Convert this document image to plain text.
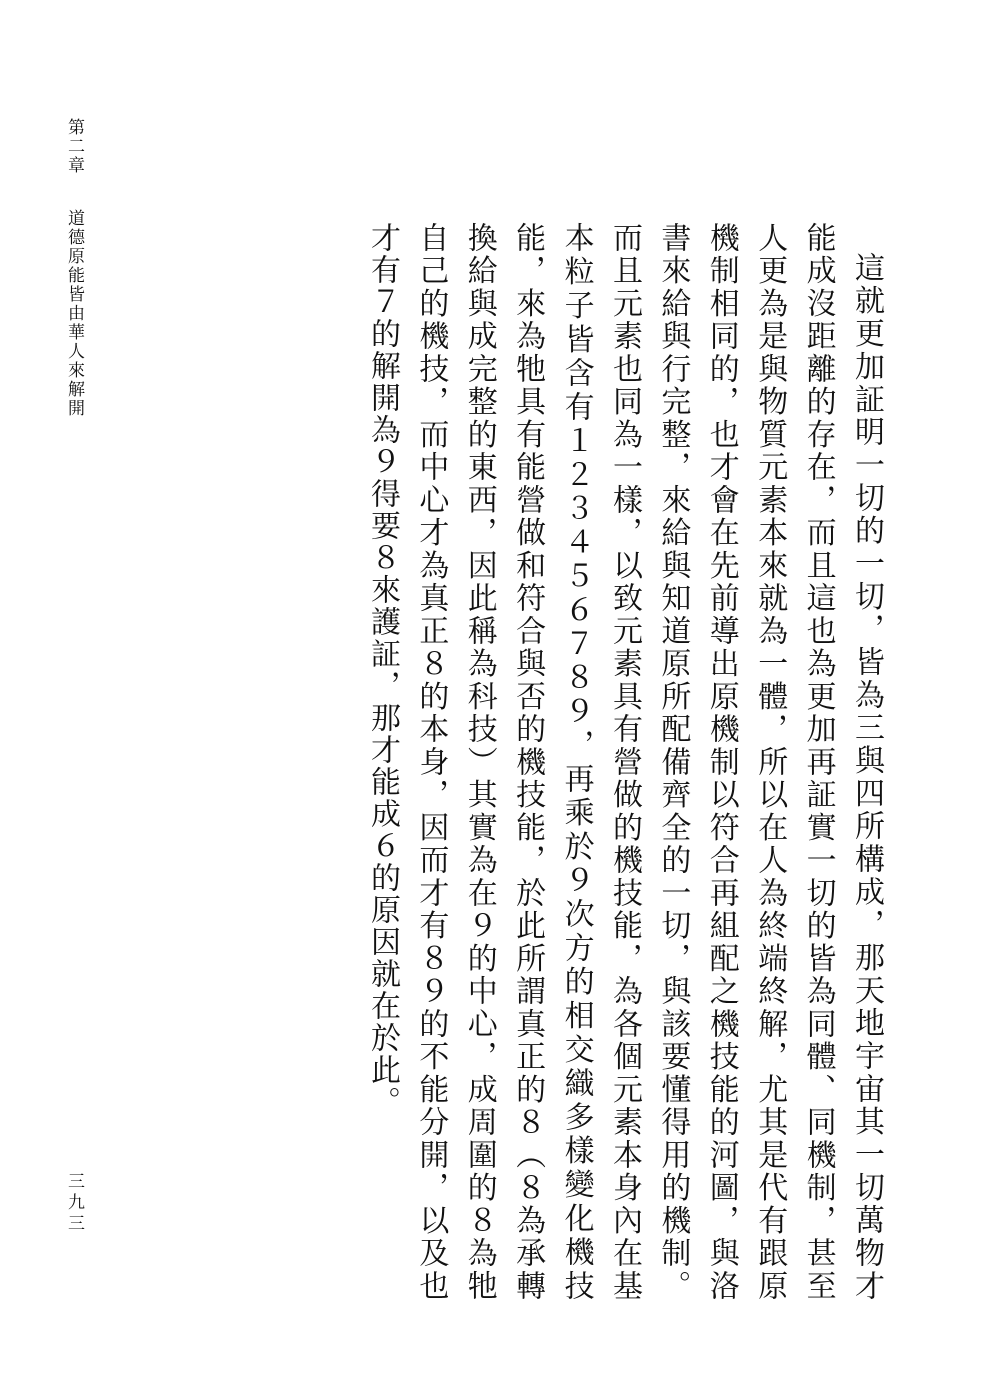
第二章道德原能皆由華人來解開	這就更加証明一切的一切，皆為三與四所構成，那天地宇宙其一切萬物才能成沒距離的存在，而且這也為更加再証實一切的皆為同體、同機制，甚至人更為是與物質元素本來就為一體，所以在人為終端終解，尤其是代有跟原機制相同的，也才會在先前導出原機制以符合再組配之機技能的河圖，與洛書來給與行完整，來給與知道原所配備齊全的一切，與該要懂得用的機制。而且元素也同為一樣，以致元素具有營做的機技能，為各個元素本身內在基本粒子皆含有１２３４５６７８９，再乘於９次方的相交織多樣變化機技能，來為牠具有能營做和符合與否的機技能，於此所謂真正的８（８為承轉換給與成完整的東西，因此稱為科技）其實為在９的中心，成周圍的８為牠自己的機技，而中心才為真正８的本身，因而才有８９的不能分開，以及也才有７的解開為９得要８來護証，那才能成６的原因就在於此。

三九三
